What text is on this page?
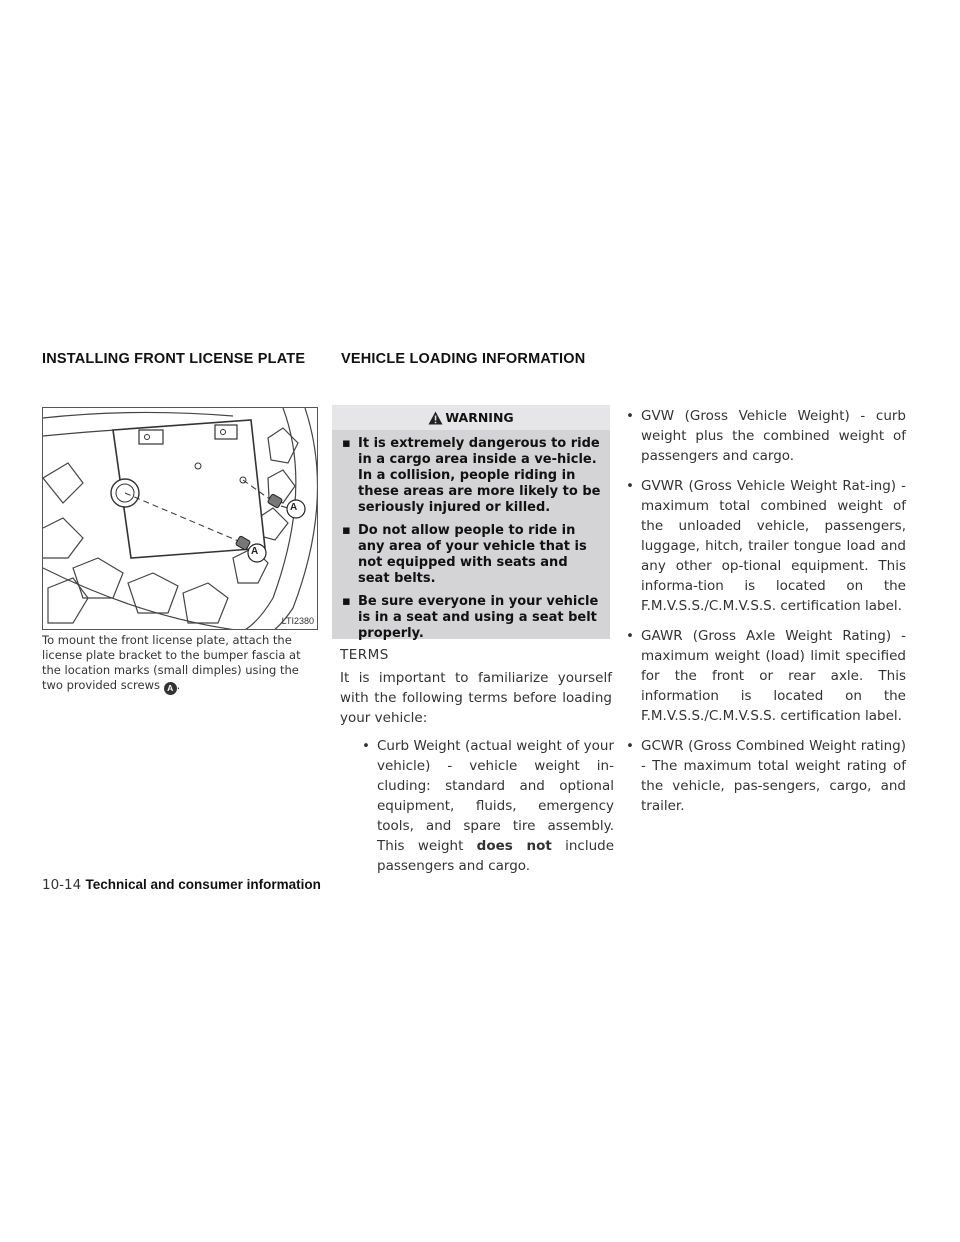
INSTALLING FRONT LICENSE PLATE VEHICLE LOADING INFORMATION
A
A
LTI2380
To mount the front license plate, attach the license plate bracket to the bumper fascia at the location marks (small dimples) using the two provided screws A .
WARNING
▪ It is extremely dangerous to ride in a cargo area inside a ve-hicle. In a collision, people riding in these areas are more likely to be seriously injured or killed.
▪ Do not allow people to ride in any area of your vehicle that is not equipped with seats and seat belts.
▪ Be sure everyone in your vehicle is in a seat and using a seat belt properly.
TERMS
It is important to familiarize yourself with the following terms before loading your vehicle:
• Curb Weight (actual weight of your vehicle) - vehicle weight in-cluding: standard and optional equipment, fluids, emergency tools, and spare tire assembly. This weight does not include passengers and cargo.
• GVW (Gross Vehicle Weight) - curb weight plus the combined weight of passengers and cargo.
• GVWR (Gross Vehicle Weight Rat-ing) - maximum total combined weight of the unloaded vehicle, passengers, luggage, hitch, trailer tongue load and any other op-tional equipment. This informa-tion is located on the F.M.V.S.S./C.M.V.S.S. certification label.
• GAWR (Gross Axle Weight Rating) - maximum weight (load) limit specified for the front or rear axle. This information is located on the F.M.V.S.S./C.M.V.S.S. certification label.
• GCWR (Gross Combined Weight rating) - The maximum total weight rating of the vehicle, pas-sengers, cargo, and trailer.
10-14 Technical and consumer information
